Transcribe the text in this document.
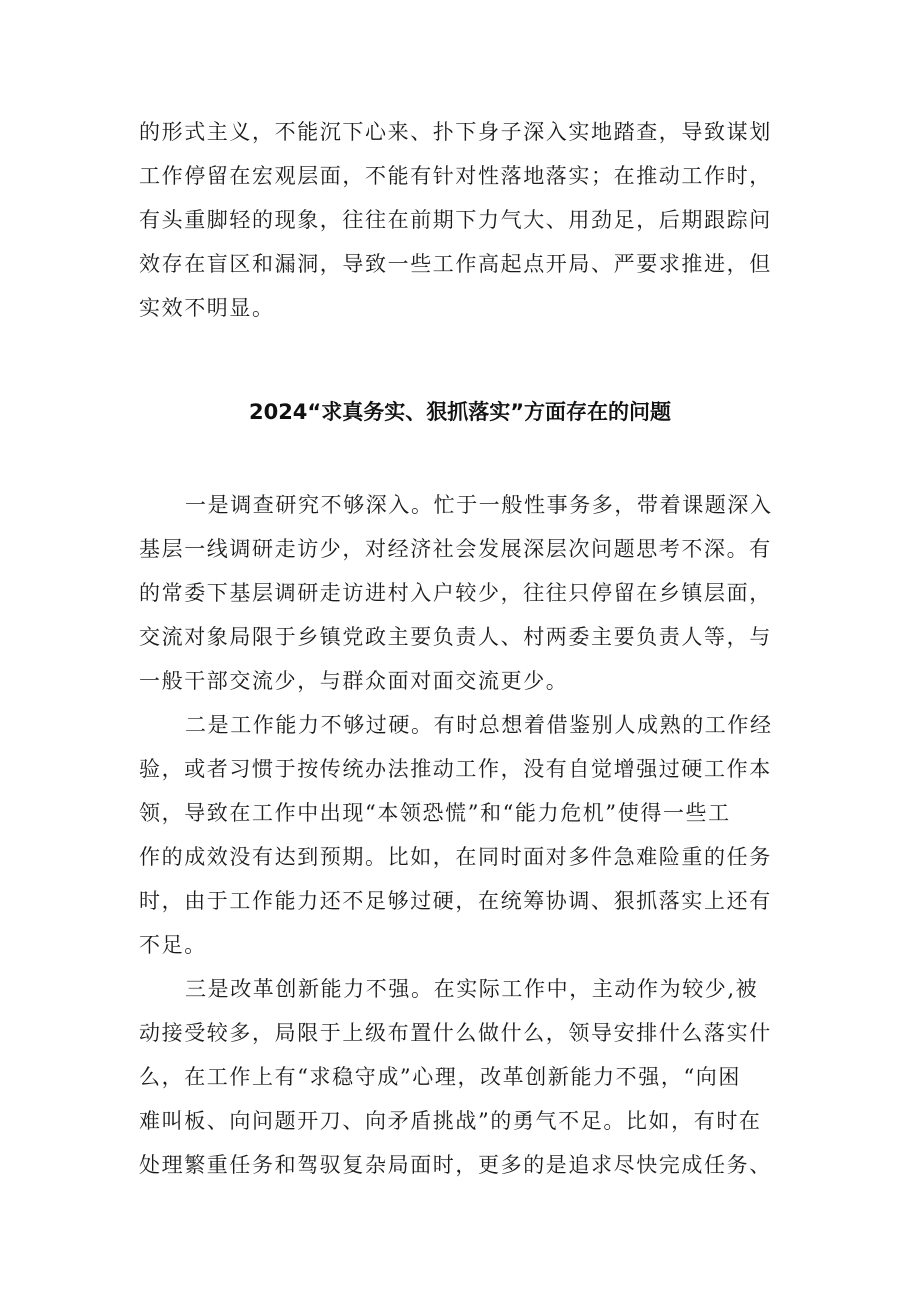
的形式主义，不能沉下心来、扑下身子深入实地踏查，导致谋划
工作停留在宏观层面，不能有针对性落地落实；在推动工作时，
有头重脚轻的现象，往往在前期下力气大、用劲足，后期跟踪问
效存在盲区和漏洞，导致一些工作高起点开局、严要求推进，但
实效不明显。
2024“求真务实、狠抓落实”方面存在的问题
一是调查研究不够深入。忙于一般性事务多，带着课题深入
基层一线调研走访少，对经济社会发展深层次问题思考不深。有
的常委下基层调研走访进村入户较少，往往只停留在乡镇层面，
交流对象局限于乡镇党政主要负责人、村两委主要负责人等，与
一般干部交流少，与群众面对面交流更少。
二是工作能力不够过硬。有时总想着借鉴别人成熟的工作经
验，或者习惯于按传统办法推动工作，没有自觉增强过硬工作本
领，导致在工作中出现“本领恐慌”和“能力危机”使得一些工
作的成效没有达到预期。比如，在同时面对多件急难险重的任务
时，由于工作能力还不足够过硬，在统筹协调、狠抓落实上还有
不足。
三是改革创新能力不强。在实际工作中，主动作为较少,被
动接受较多，局限于上级布置什么做什么，领导安排什么落实什
么，在工作上有“求稳守成”心理，改革创新能力不强，“向困
难叫板、向问题开刀、向矛盾挑战”的勇气不足。比如，有时在
处理繁重任务和驾驭复杂局面时，更多的是追求尽快完成任务、
